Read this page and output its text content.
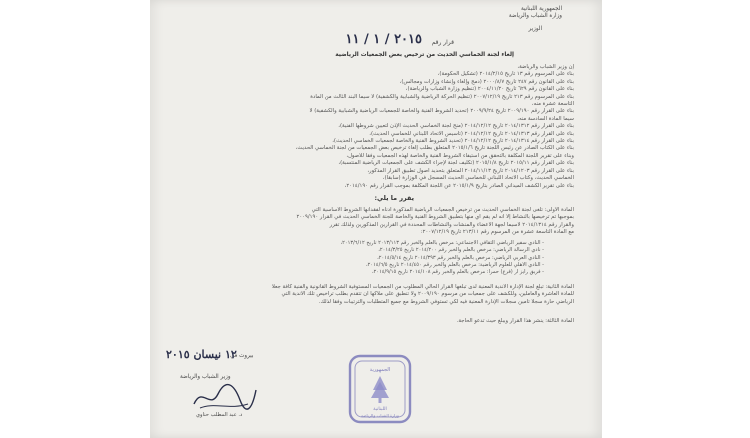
الجمهورية اللبنانية
وزارة الشباب والرياضة
الوزير
قرار رقم
٢٠١٥ / ١ / ١١
إلغاء لجنة الخماسي الحديث من ترخيص بعض الجمعيات الرياضية
إن وزير الشباب والرياضة،
بناء على المرسوم رقم ١٣ تاريخ ٢٠١٤/٢/١٥ (تشكيل الحكومة)،
بناء على القانون رقم ٢٤٧ تاريخ ٢٠٠٠/٨/٧ (دمج وإلغاء وإنشاء وزارات ومجالس)،
بناء على القانون رقم ٦٢٩ تاريخ ٢٠٠٤/١١/٢٠ (تنظيم وزارة الشباب والرياضة)،
بناء على المرسوم رقم ٢١٣ تاريخ ٢٠٠٧/١٢/١٩ (تنظيم الحركة الرياضية والشبابية والكشفية) لا سيما البند الثالث من المادة
التاسعة عشرة منه،
بناء على القرار رقم ٢٠٠٩/١٩٠ تاريخ ٢٠٠٩/٩/٢٤ (تحديد الشروط الفنية والخاصة للجمعيات الرياضية والشبابية والكشفية) لا
سيما المادة السادسة منه،
بناء على القرار رقم ٢٠١٤/١٣١٢ تاريخ ٢٠١٤/١٢/١٢ (منح لجنة الخماسي الحديث الإذن لتعيين شروطها الفنية)،
بناء على القرار رقم ٢٠١٤/١٣١٣ تاريخ ٢٠١٤/١٢/١٢ (تأسيس الاتحاد اللبناني للخماسي الحديث)،
بناء على القرار رقم ٢٠١٤/١٣١٤ تاريخ ٢٠١٤/١٢/١٢ (تحديد الشروط الفنية والخاصة لجمعيات الخماسي الحديث)،
بناء على الكتاب الصادر عن رئيس اللجنة تاريخ ٢٠١٥/١/٦ المتعلق بطلب إلغاء ترخيص بعض الجمعيات من لجنة الخماسي الحديث،
وبناء على تقرير اللجنة المكلفة بالتحقق من استيفاء الشروط الفنية والخاصة لهذه الجمعيات وفقاً للأصول،
بناء على القرار رقم ٢٠١٥/١١ تاريخ ٢٠١٥/١/٨ (تكليف لجنة لإجراء الكشف على الجمعيات الرياضية المنتسبة)،
بناء على القرار رقم ٢٠١٤/١٢٠٣ تاريخ ٢٠١٤/١١/١٣ المتعلق بتحديد أصول تطبيق القرار المذكور،
الخماسي الحديث، وكتاب الاتحاد اللبناني للخماسي الحديث المسجل في الوزارة (سابقاً)،
بناء على تقرير الكشف الميداني الصادر بتاريخ ٢٠١٥/١/٩ عن اللجنة المكلفة بموجب القرار رقم ٢٠١٤/١٩٠،
يقرر ما يلي:
المادة الأولى: تلغى لجنة الخماسي الحديث من ترخيص الجمعيات الرياضية المذكورة أدناه لفقدانها الشروط الأساسية التي
بموجبها تم ترخيصها بالنشاط إلا أنه لم يقم أي منها بتطبيق الشروط الفنية والخاصة للجنة الخماسي الحديث في القرار ٢٠٠٩/١٩٠
والقرار رقم ٢٠١٤/١٣١٤ لاسيما لجهة الأعضاء والمنشآت والنشاطات المحددة في القرارين المذكورين ولذلك تقرر
مع المادة التاسعة عشرة من المرسوم رقم ٢١٣/١١ تاريخ ٢٠٠٧/١٢/١٩:
- النادي سفير الرياضي الثقافي الاجتماعي: مرخص بالعلم والخبر رقم ٢٠١٣/١١٣ تاريخ ٢٠١٣/٦/١٢،
- نادي الرسالة الرياضي: مرخص بالعلم والخبر رقم ٢٠١٤/٢٠٠ تاريخ ٢٠١٤/٣/٢٥،
- النادي العربي الرياضي: مرخص بالعلم والخبر رقم ٢٠١٤/٣٩٣ تاريخ ٢٠١٤/٥/١٤،
- النادي الأهلي للعلوم الرياضية: مرخص بالعلم والخبر رقم ٢٠١٤/٤٥٠ تاريخ ٢٠١٤/٦/٥،
- فريق رايز ار (فرع) حمرا: مرخص بالعلم والخبر رقم ٢٠١٤/١٠٨ تاريخ ٢٠١٤/٩/١٥،
المادة الثانية: تبلغ لجنة الإدارة الأندية المعنية لدى تبلغها القرار الحالي المطلوب من الجمعيات المستوفية الشروط القانونية والفنية كافة جعلا
للمادة العاشرة والعاملين، وللكشف على جمعيات من مرسوم ٢٠٠٩/١٩٠ ولا تنطبق على ملاكها أن تتقدم بطلب تراخيص تلك الأندية التي
الرياضي حارة سجلاً تأمين سجلات الإدارة المعنية فيه لكي تستوفي الشروط مع جميع المتطلبات والترتيبات وفقاً لذلك.
المادة الثالثة: ينشر هذا القرار ويبلغ حيث تدعو الحاجة.
بيروت في
١٢ نيسان ٢٠١٥
وزير الشباب والرياضة
د. عبد المطلب حناوي
الجمهورية
اللبنانية
وزارة الشباب والرياضة
